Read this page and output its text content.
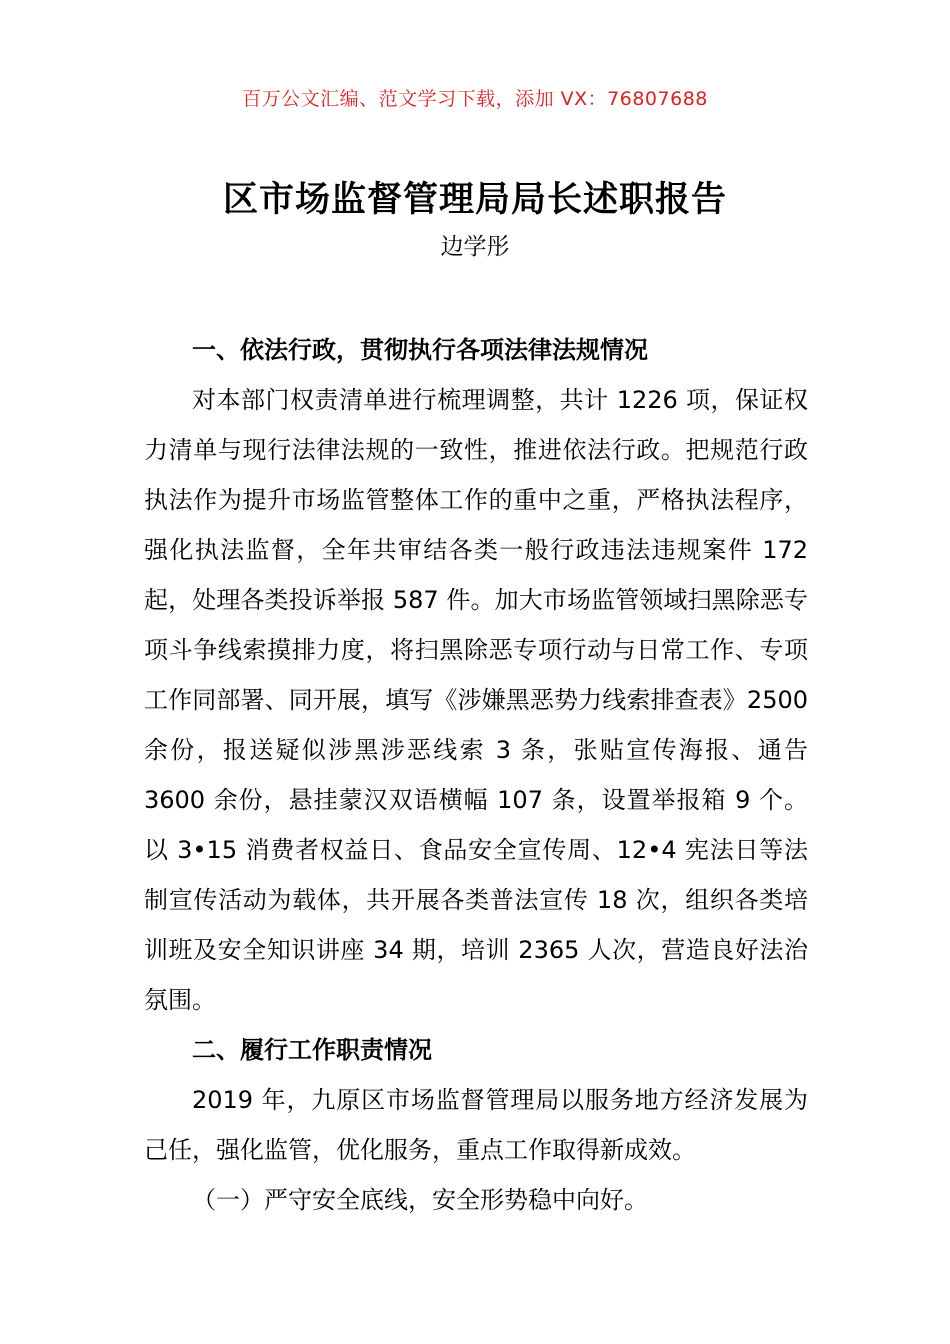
百万公文汇编、范文学习下载，添加 VX：76807688
区市场监督管理局局长述职报告
边学彤

一、依法行政，贯彻执行各项法律法规情况

对本部门权责清单进行梳理调整，共计 1226 项，保证权力清单与现行法律法规的一致性，推进依法行政。把规范行政执法作为提升市场监管整体工作的重中之重，严格执法程序，强化执法监督，全年共审结各类一般行政违法违规案件 172 起，处理各类投诉举报 587 件。加大市场监管领域扫黑除恶专项斗争线索摸排力度，将扫黑除恶专项行动与日常工作、专项工作同部署、同开展，填写《涉嫌黑恶势力线索排查表》2500 余份，报送疑似涉黑涉恶线索 3 条，张贴宣传海报、通告 3600 余份，悬挂蒙汉双语横幅 107 条，设置举报箱 9 个。以 3•15 消费者权益日、食品安全宣传周、12•4 宪法日等法制宣传活动为载体，共开展各类普法宣传 18 次，组织各类培训班及安全知识讲座 34 期，培训 2365 人次，营造良好法治氛围。

二、履行工作职责情况

2019 年，九原区市场监督管理局以服务地方经济发展为己任，强化监管，优化服务，重点工作取得新成效。

（一）严守安全底线，安全形势稳中向好。
